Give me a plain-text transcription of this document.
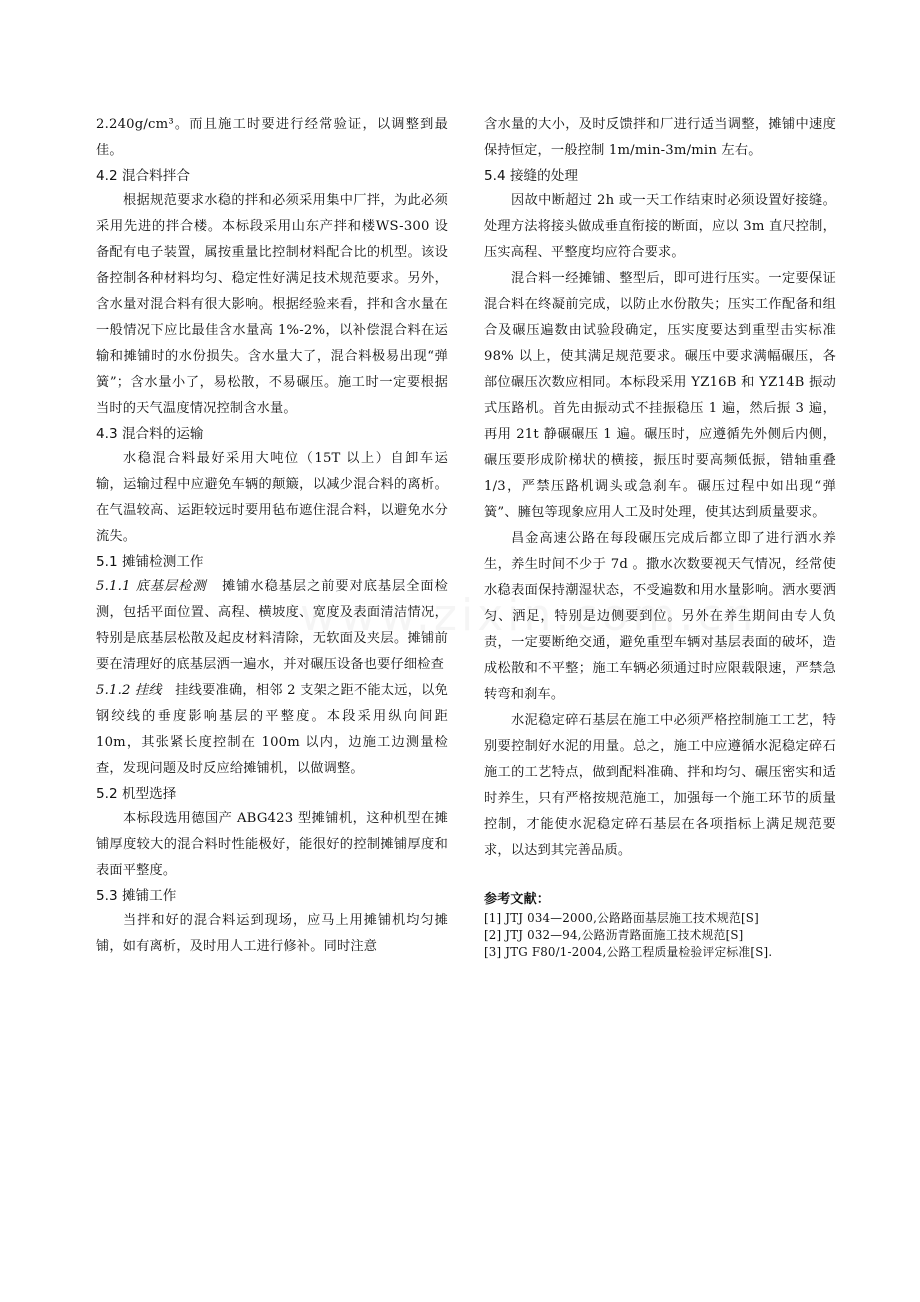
2.240g/cm³。而且施工时要进行经常验证，以调整到最佳。

4.2 混合料拌合

根据规范要求水稳的拌和必须采用集中厂拌，为此必须采用先进的拌合楼。本标段采用山东产拌和楼WS-300 设备配有电子装置，属按重量比控制材料配合比的机型。该设备控制各种材料均匀、稳定性好满足技术规范要求。另外，含水量对混合料有很大影响。根据经验来看，拌和含水量在一般情况下应比最佳含水量高 1%-2%，以补偿混合料在运输和摊铺时的水份损失。含水量大了，混合料极易出现“弹簧”；含水量小了，易松散，不易碾压。施工时一定要根据当时的天气温度情况控制含水量。

4.3 混合料的运输

水稳混合料最好采用大吨位（15T 以上）自卸车运输，运输过程中应避免车辆的颠簸，以减少混合料的离析。在气温较高、运距较远时要用毡布遮住混合料，以避免水分流失。

5.1 摊铺检测工作

5.1.1 底基层检测 摊铺水稳基层之前要对底基层全面检测，包括平面位置、高程、横坡度、宽度及表面清洁情况，特别是底基层松散及起皮材料清除，无软面及夹层。摊铺前要在清理好的底基层洒一遍水，并对碾压设备也要仔细检查

5.1.2 挂线 挂线要准确，相邻 2 支架之距不能太远，以免钢绞线的垂度影响基层的平整度。本段采用纵向间距 10m，其张紧长度控制在 100m 以内，边施工边测量检查，发现问题及时反应给摊铺机，以做调整。

5.2 机型选择

本标段选用德国产 ABG423 型摊铺机，这种机型在摊铺厚度较大的混合料时性能极好，能很好的控制摊铺厚度和表面平整度。

5.3 摊铺工作

当拌和好的混合料运到现场，应马上用摊铺机均匀摊铺，如有离析，及时用人工进行修补。同时注意

含水量的大小，及时反馈拌和厂进行适当调整，摊铺中速度保持恒定，一般控制 1m/min-3m/min 左右。

5.4 接缝的处理

因故中断超过 2h 或一天工作结束时必须设置好接缝。处理方法将接头做成垂直衔接的断面，应以 3m 直尺控制，压实高程、平整度均应符合要求。

混合料一经摊铺、整型后，即可进行压实。一定要保证混合料在终凝前完成，以防止水份散失；压实工作配备和组合及碾压遍数由试验段确定，压实度要达到重型击实标准 98% 以上，使其满足规范要求。碾压中要求满幅碾压，各部位碾压次数应相同。本标段采用 YZ16B 和 YZ14B 振动式压路机。首先由振动式不挂振稳压 1 遍，然后振 3 遍，再用 21t 静碾碾压 1 遍。碾压时，应遵循先外侧后内侧，碾压要形成阶梯状的横接，振压时要高频低振，错轴重叠 1/3，严禁压路机调头或急刹车。碾压过程中如出现“弹簧”、臃包等现象应用人工及时处理，使其达到质量要求。

昌金高速公路在每段碾压完成后都立即了进行洒水养生，养生时间不少于 7d 。撒水次数要视天气情况，经常使水稳表面保持潮湿状态，不受遍数和用水量影响。洒水要洒匀、洒足，特别是边侧要到位。另外在养生期间由专人负责，一定要断绝交通，避免重型车辆对基层表面的破坏，造成松散和不平整；施工车辆必须通过时应限载限速，严禁急转弯和刹车。

水泥稳定碎石基层在施工中必须严格控制施工工艺，特别要控制好水泥的用量。总之，施工中应遵循水泥稳定碎石施工的工艺特点，做到配料准确、拌和均匀、碾压密实和适时养生，只有严格按规范施工，加强每一个施工环节的质量控制，才能使水泥稳定碎石基层在各项指标上满足规范要求，以达到其完善品质。

参考文献：

[1] JTJ 034—2000,公路路面基层施工技术规范[S]

[2] JTJ 032—94,公路沥青路面施工技术规范[S]

[3] JTG F80/1-2004,公路工程质量检验评定标准[S].
